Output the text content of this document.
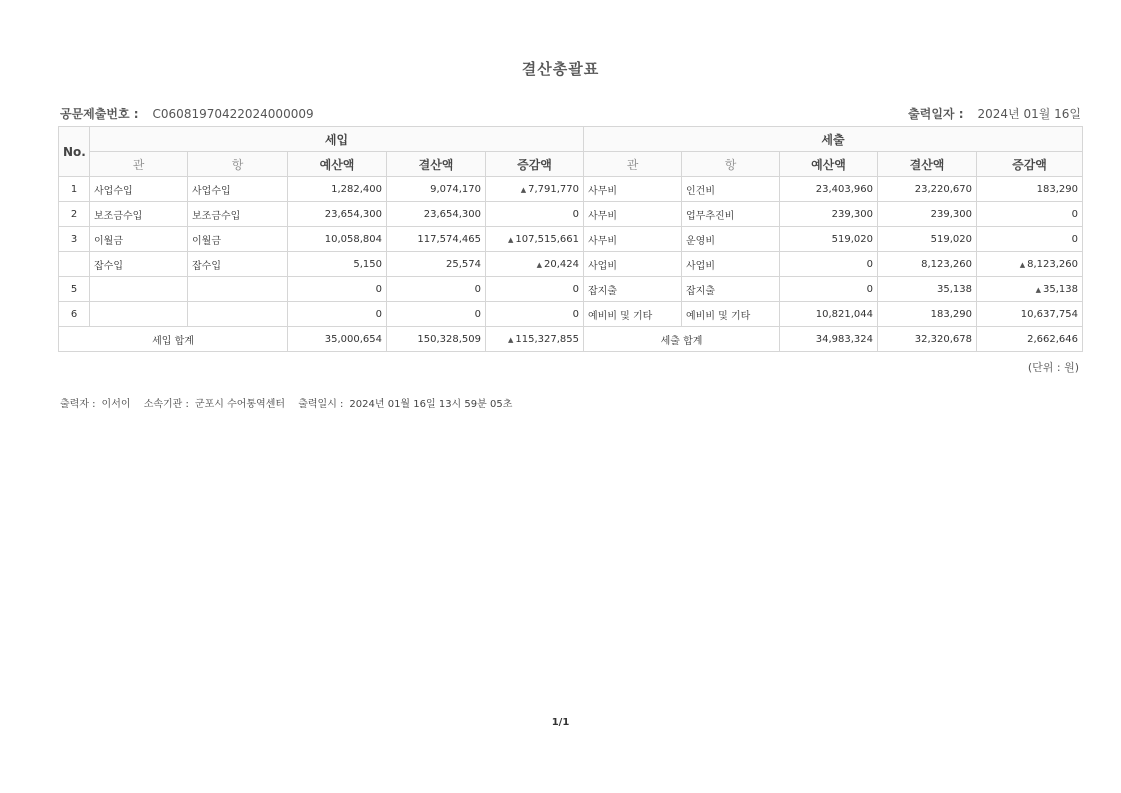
결산총괄표
공문제출번호 : C06081970422024000009	출력일자 : 2024년 01월 16일
No.	세입					세출				
	관	항	예산액	결산액	증감액	관	항	예산액	결산액	증감액
1	사업수입	사업수입	1,282,400	9,074,170	▲ 7,791,770	사무비	인건비	23,403,960	23,220,670	183,290
2	보조금수입	보조금수입	23,654,300	23,654,300	0	사무비	업무추진비	239,300	239,300	0
3	이월금	이월금	10,058,804	117,574,465	▲ 107,515,661	사무비	운영비	519,020	519,020	0
	잡수입	잡수입	5,150	25,574	▲ 20,424	사업비	사업비	0	8,123,260	▲ 8,123,260
5			0	0	0	잡지출	잡지출	0	35,138	▲ 35,138
6			0	0	0	예비비 및 기타	예비비 및 기타	10,821,044	183,290	10,637,754
세입 합계			35,000,654	150,328,509	▲ 115,327,855	세출 합계		34,983,324	32,320,678	2,662,646
(단위 : 원)
출력자 : 이서이 소속기관 : 군포시 수어통역센터 출력일시 : 2024년 01월 16일 13시 59분 05초
1/1
